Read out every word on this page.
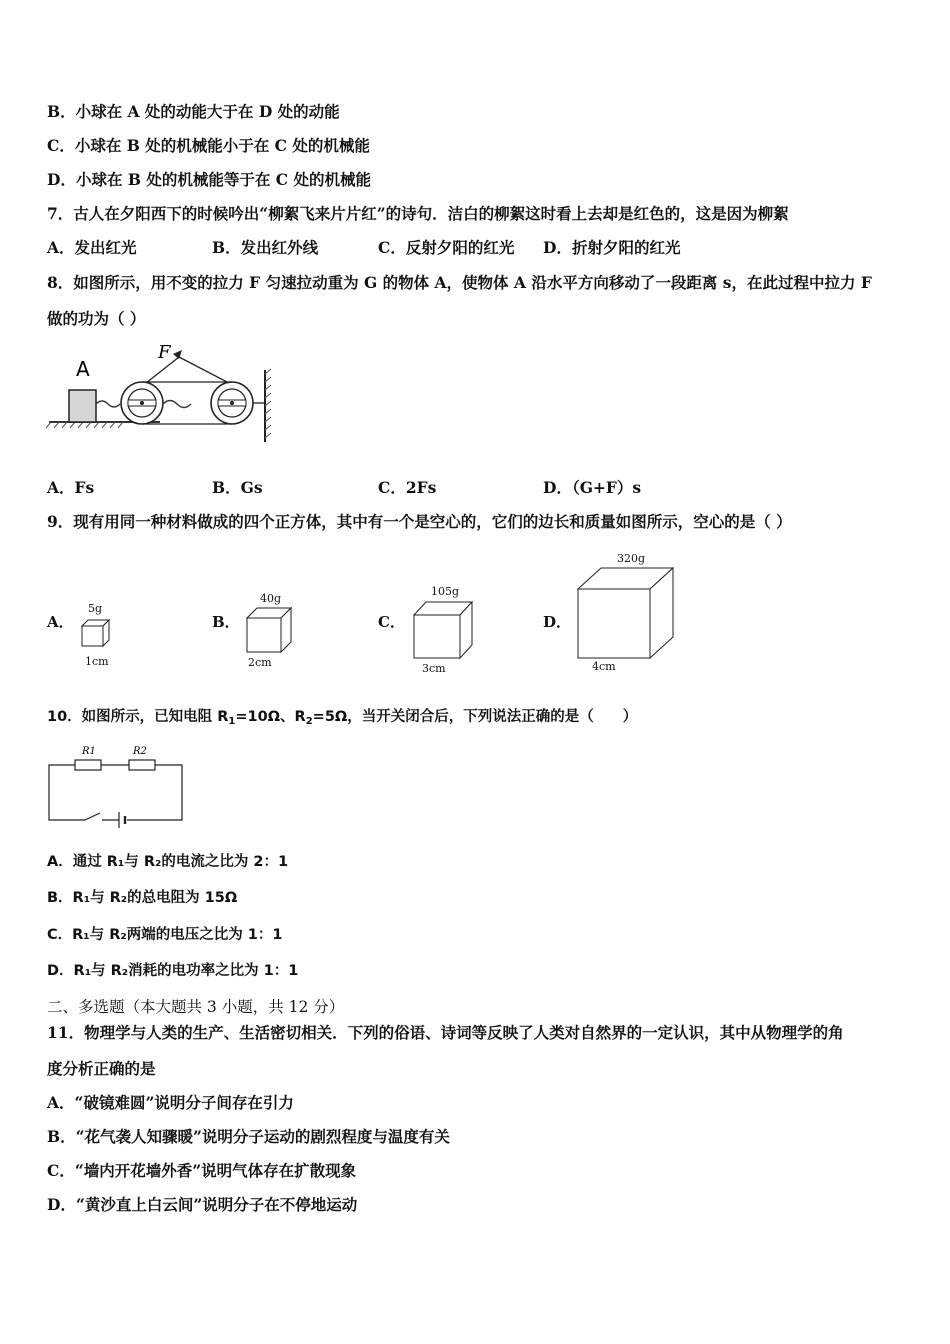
B．小球在 A 处的动能大于在 D 处的动能
C．小球在 B 处的机械能小于在 C 处的机械能
D．小球在 B 处的机械能等于在 C 处的机械能
7．古人在夕阳西下的时候吟出“柳絮飞来片片红”的诗句．洁白的柳絮这时看上去却是红色的，这是因为柳絮
A．发出红光	B．发出红外线	C．反射夕阳的红光 D．折射夕阳的红光
8．如图所示，用不变的拉力 F 匀速拉动重为 G 的物体 A，使物体 A 沿水平方向移动了一段距离 s，在此过程中拉力 F
做的功为（ ）
A
F
A．Fs	B．Gs	C．2Fs	D．（G+F）s
9．现有用同一种材料做成的四个正方体，其中有一个是空心的，它们的边长和质量如图所示，空心的是（ ）
A．
5g
1cm
B．
40g
2cm
C．
105g
3cm
D．
320g
4cm
10．如图所示，已知电阻 $R_1=10\Omega$、$R_2=5\Omega$，当开关闭合后，下列说法正确的是（　　）
R1	R2
A．通过 R₁与 R₂的电流之比为 2：1
B．R₁与 R₂的总电阻为 15Ω
C．R₁与 R₂两端的电压之比为 1：1
D．R₁与 R₂消耗的电功率之比为 1：1
二、多选题（本大题共 3 小题，共 12 分）
11．物理学与人类的生产、生活密切相关．下列的俗语、诗词等反映了人类对自然界的一定认识，其中从物理学的角
度分析正确的是
A．“破镜难圆”说明分子间存在引力
B．“花气袭人知骤暖”说明分子运动的剧烈程度与温度有关
C．“墙内开花墙外香”说明气体存在扩散现象
D．“黄沙直上白云间”说明分子在不停地运动
